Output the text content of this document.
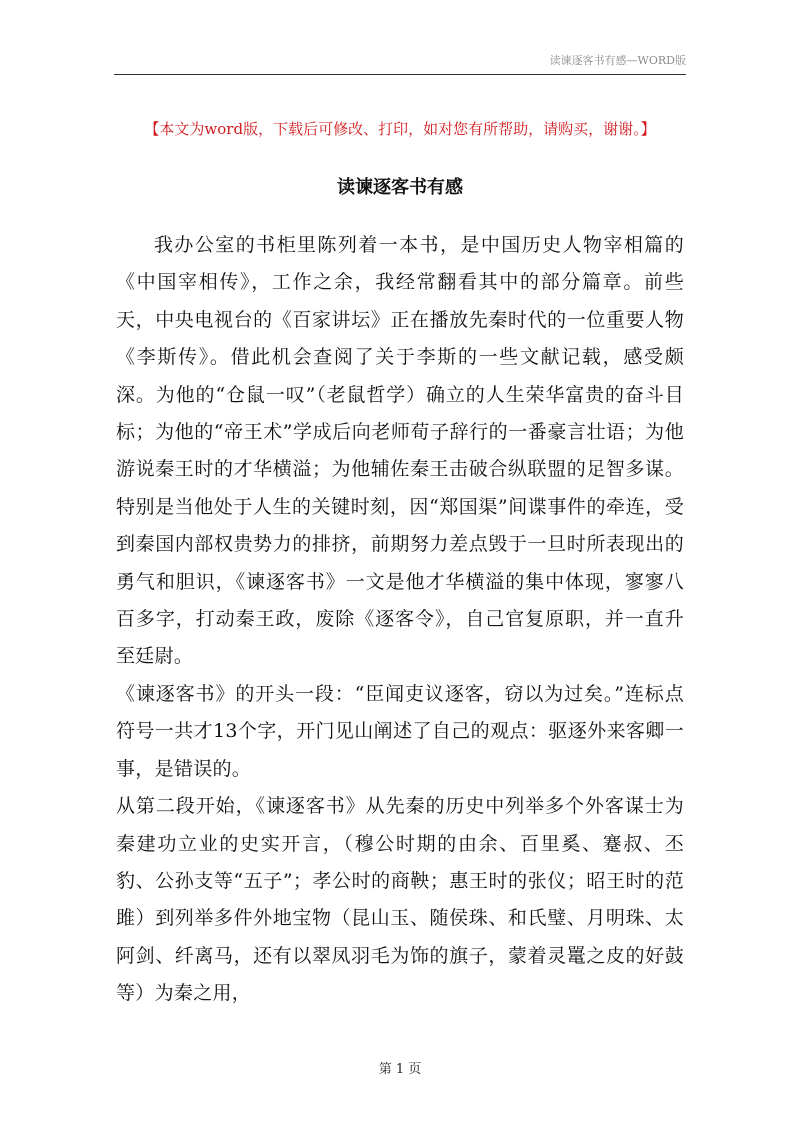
读谏逐客书有感—WORD版
【本文为word版，下载后可修改、打印，如对您有所帮助，请购买，谢谢。】
读谏逐客书有感

我办公室的书柜里陈列着一本书，是中国历史人物宰相篇的《中国宰相传》，工作之余，我经常翻看其中的部分篇章。前些天，中央电视台的《百家讲坛》正在播放先秦时代的一位重要人物《李斯传》。借此机会查阅了关于李斯的一些文献记载，感受颇深。为他的“仓鼠一叹”（老鼠哲学）确立的人生荣华富贵的奋斗目标；为他的“帝王术”学成后向老师荀子辞行的一番豪言壮语；为他游说秦王时的才华横溢；为他辅佐秦王击破合纵联盟的足智多谋。特别是当他处于人生的关键时刻，因“郑国渠”间谍事件的牵连，受到秦国内部权贵势力的排挤，前期努力差点毁于一旦时所表现出的勇气和胆识，《谏逐客书》一文是他才华横溢的集中体现，寥寥八百多字，打动秦王政，废除《逐客令》，自己官复原职，并一直升至廷尉。

《谏逐客书》的开头一段：“臣闻吏议逐客，窃以为过矣。”连标点符号一共才13个字，开门见山阐述了自己的观点：驱逐外来客卿一事，是错误的。

从第二段开始，《谏逐客书》从先秦的历史中列举多个外客谋士为秦建功立业的史实开言，（穆公时期的由余、百里奚、蹇叔、丕豹、公孙支等“五子”；孝公时的商鞅；惠王时的张仪；昭王时的范雎）到列举多件外地宝物（昆山玉、随侯珠、和氏璧、月明珠、太阿剑、纤离马，还有以翠凤羽毛为饰的旗子，蒙着灵鼍之皮的好鼓等）为秦之用，

第 1 页
